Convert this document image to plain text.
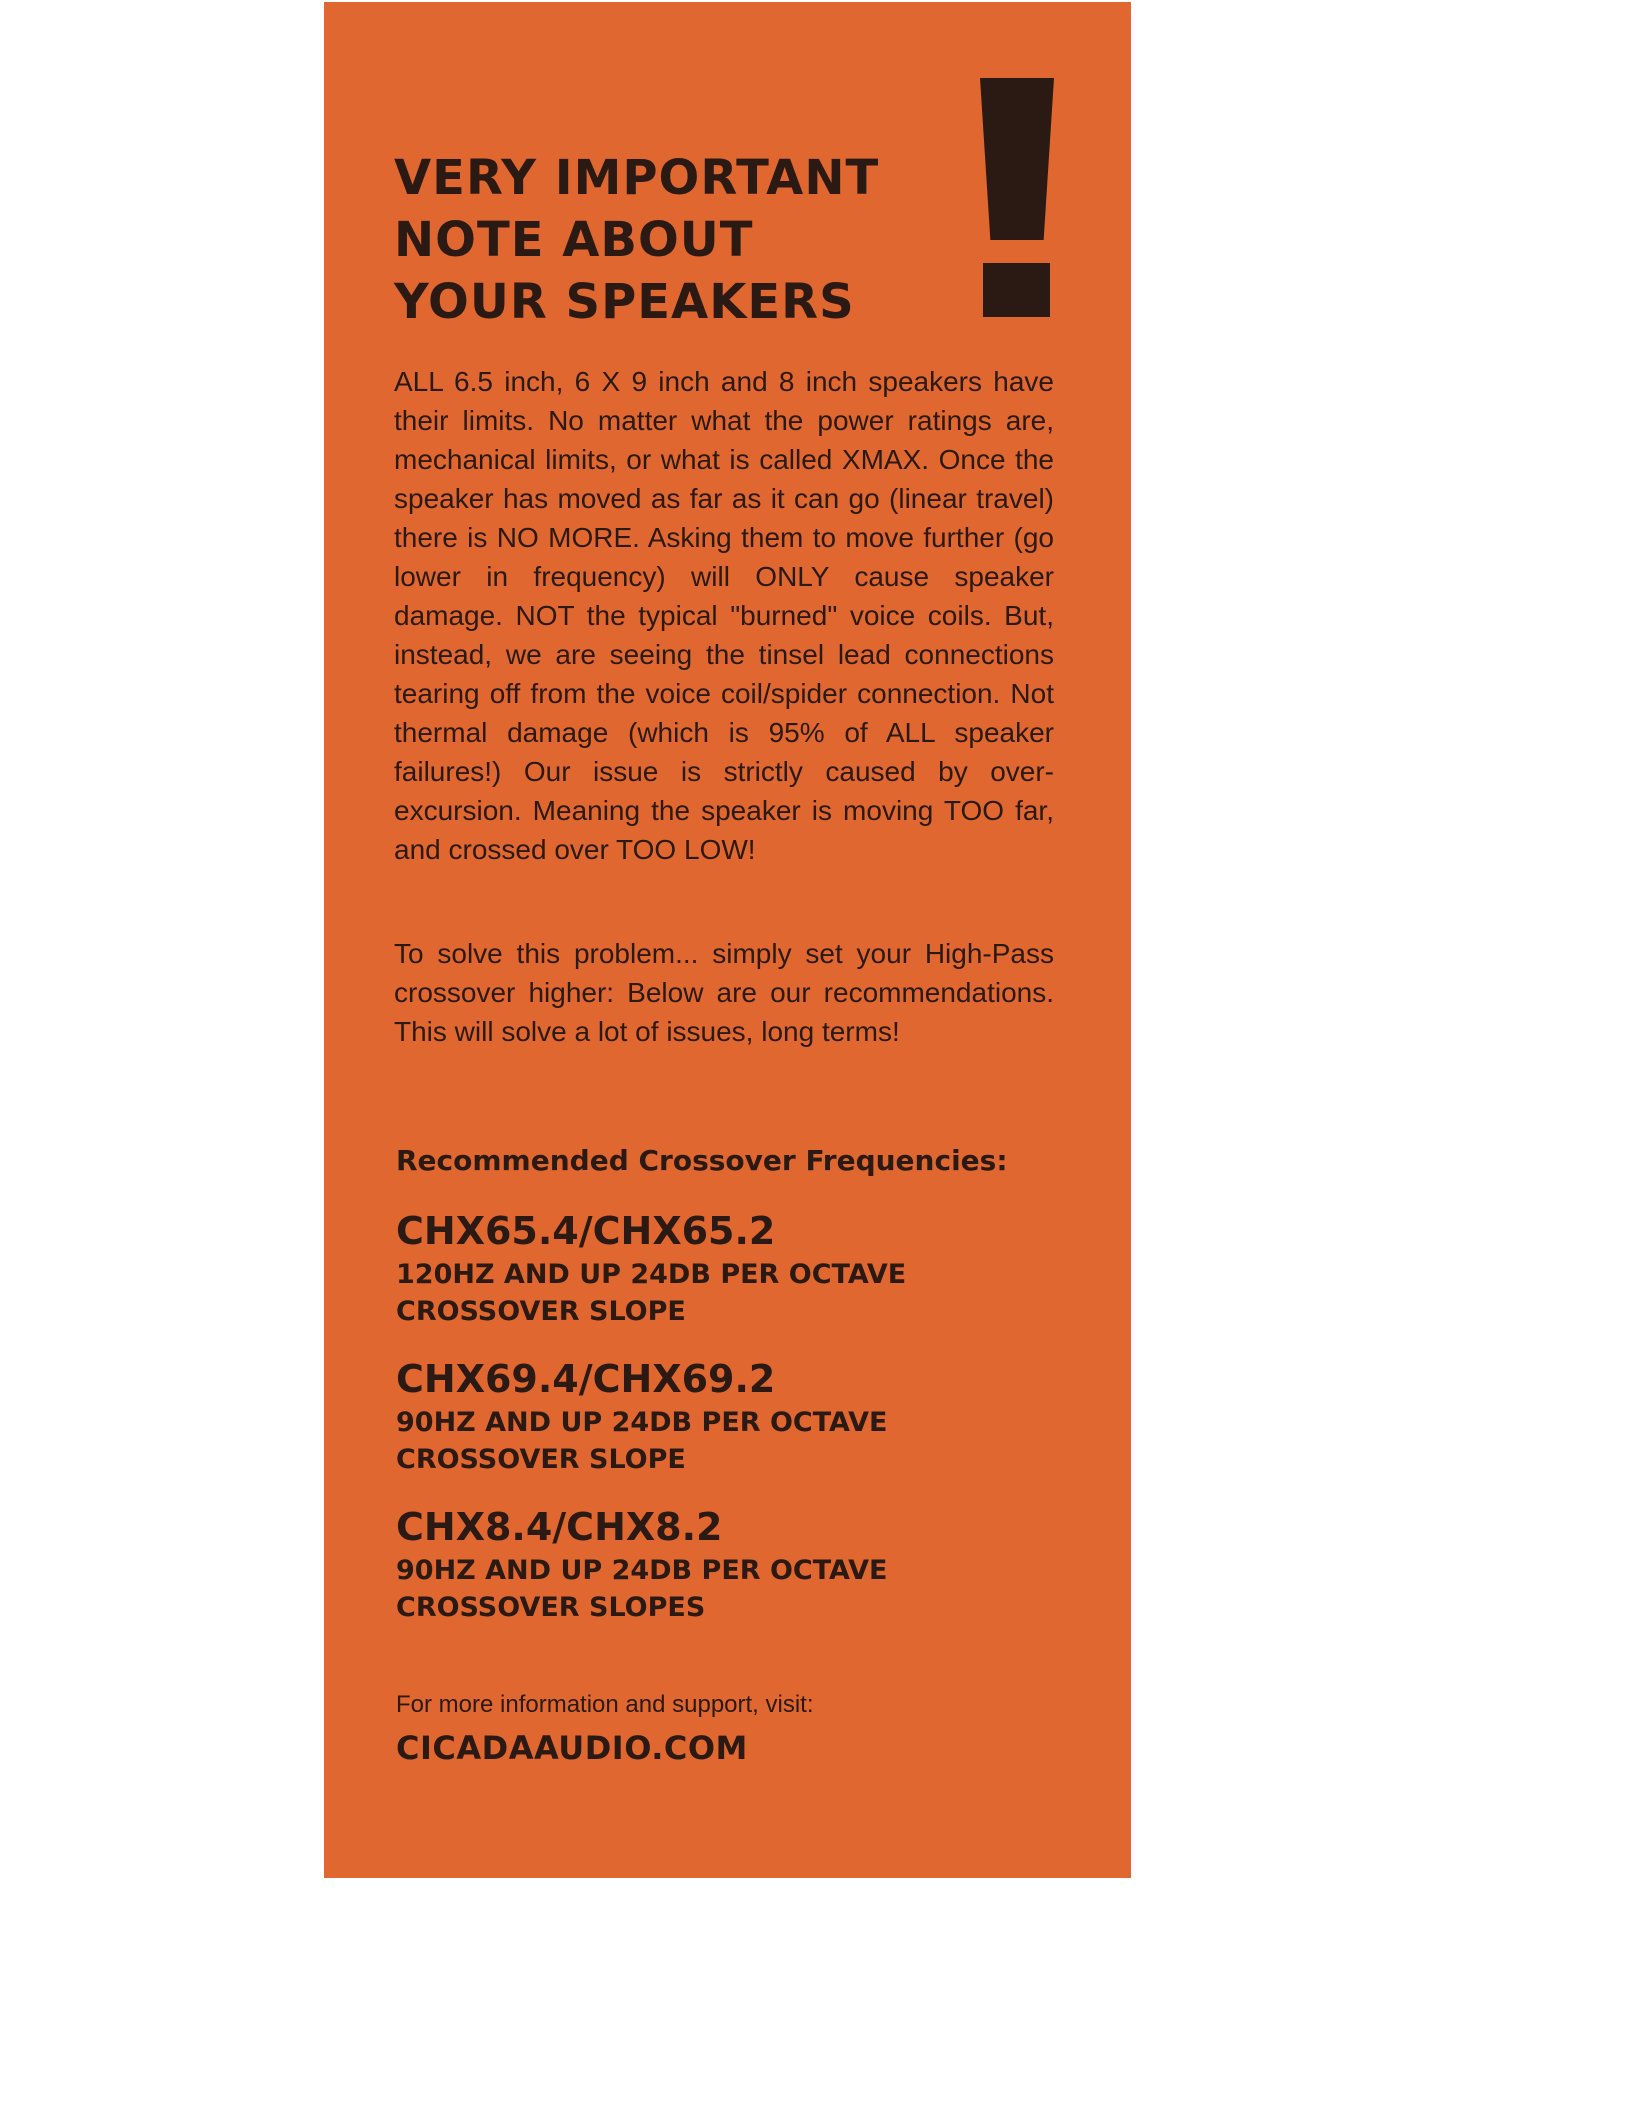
VERY IMPORTANT
NOTE ABOUT
YOUR SPEAKERS

ALL 6.5 inch, 6 X 9 inch and 8 inch speakers have their limits. No matter what the power ratings are, mechanical limits, or what is called XMAX. Once the speaker has moved as far as it can go (linear travel) there is NO MORE. Asking them to move further (go lower in frequency) will ONLY cause speaker damage. NOT the typical "burned" voice coils. But, instead, we are seeing the tinsel lead connections tearing off from the voice coil/spider connection. Not thermal damage (which is 95% of ALL speaker failures!) Our issue is strictly caused by over-excursion. Meaning the speaker is moving TOO far, and crossed over TOO LOW!

To solve this problem... simply set your High-Pass crossover higher: Below are our recommendations. This will solve a lot of issues, long terms!

Recommended Crossover Frequencies:
CHX65.4/CHX65.2
120HZ AND UP 24DB PER OCTAVE
CROSSOVER SLOPE
CHX69.4/CHX69.2
90HZ AND UP 24DB PER OCTAVE
CROSSOVER SLOPE
CHX8.4/CHX8.2
90HZ AND UP 24DB PER OCTAVE
CROSSOVER SLOPES

For more information and support, visit:

CICADAAUDIO.COM
